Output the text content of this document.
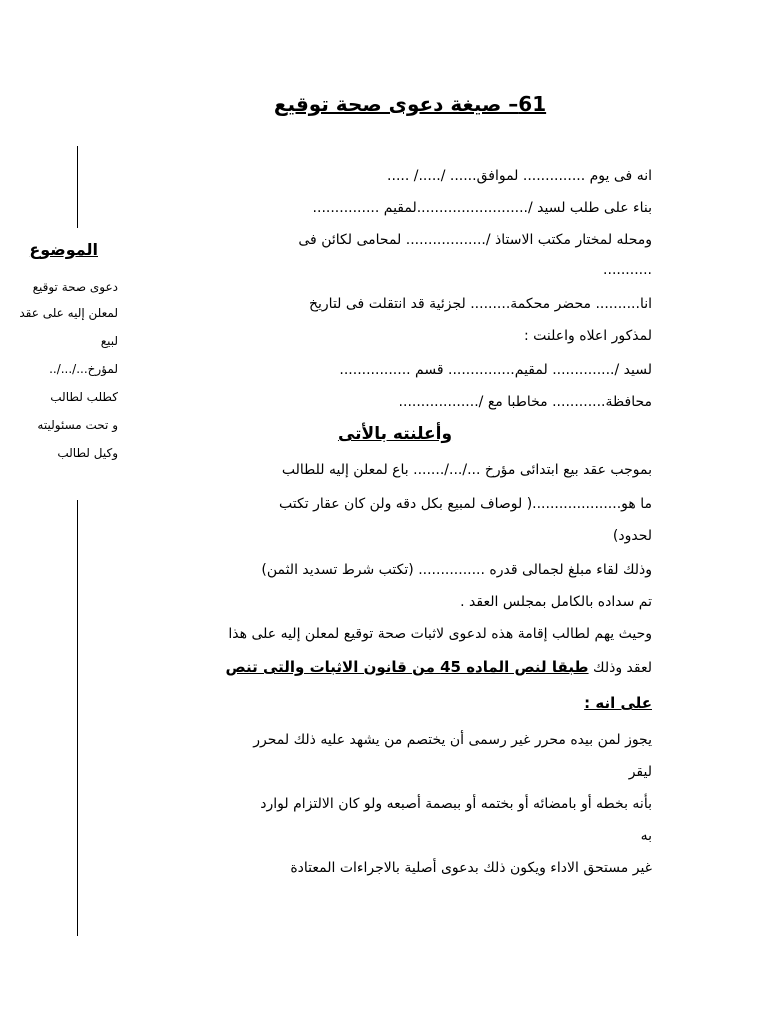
61– صيغة دعوى صحة توقيع
الموضوع
دعوى صحة توقيع
لمعلن إليه على عقد
لبيع
لمؤرخ.../.../..
كطلب لطالب
و تحت مسئوليته
وكيل لطالب
انه فى يوم .............. لموافق...... /...../ .....
بناء على طلب لسيد /.........................لمقيم ...............
ومحله لمختار مكتب الاستاذ /.................. لمحامى لكائن فى
...........
انا.......... محضر محكمة......... لجزئية قد انتقلت فى لتاريخ
لمذكور اعلاه واعلنت :
لسيد /.............. لمقيم............... قسم ................
محافظة............ مخاطبا مع /..................
وأعلنته بالأتى
بموجب عقد بيع ابتدائى مؤرخ .../.../....... باع لمعلن إليه للطالب
ما هو....................( لوصاف لمبيع بكل دقه ولن كان عقار تكتب
لحدود)
وذلك لقاء مبلغ لجمالى قدره ............... (تكتب شرط تسديد الثمن)
تم سداده بالكامل بمجلس العقد .
وحيث يهم لطالب إقامة هذه لدعوى لاثبات صحة توقيع لمعلن إليه على هذا
لعقد وذلك طبقا لنص الماده 45 من قانون الاثبات والتى تنص
على انه :
يجوز لمن بيده محرر غير رسمى أن يختصم من يشهد عليه ذلك لمحرر
ليقر
بأنه بخطه أو بامضائه أو بختمه أو ببصمة أصبعه ولو كان الالتزام لوارد
به
غير مستحق الاداء ويكون ذلك بدعوى أصلية بالاجراءات المعتادة
